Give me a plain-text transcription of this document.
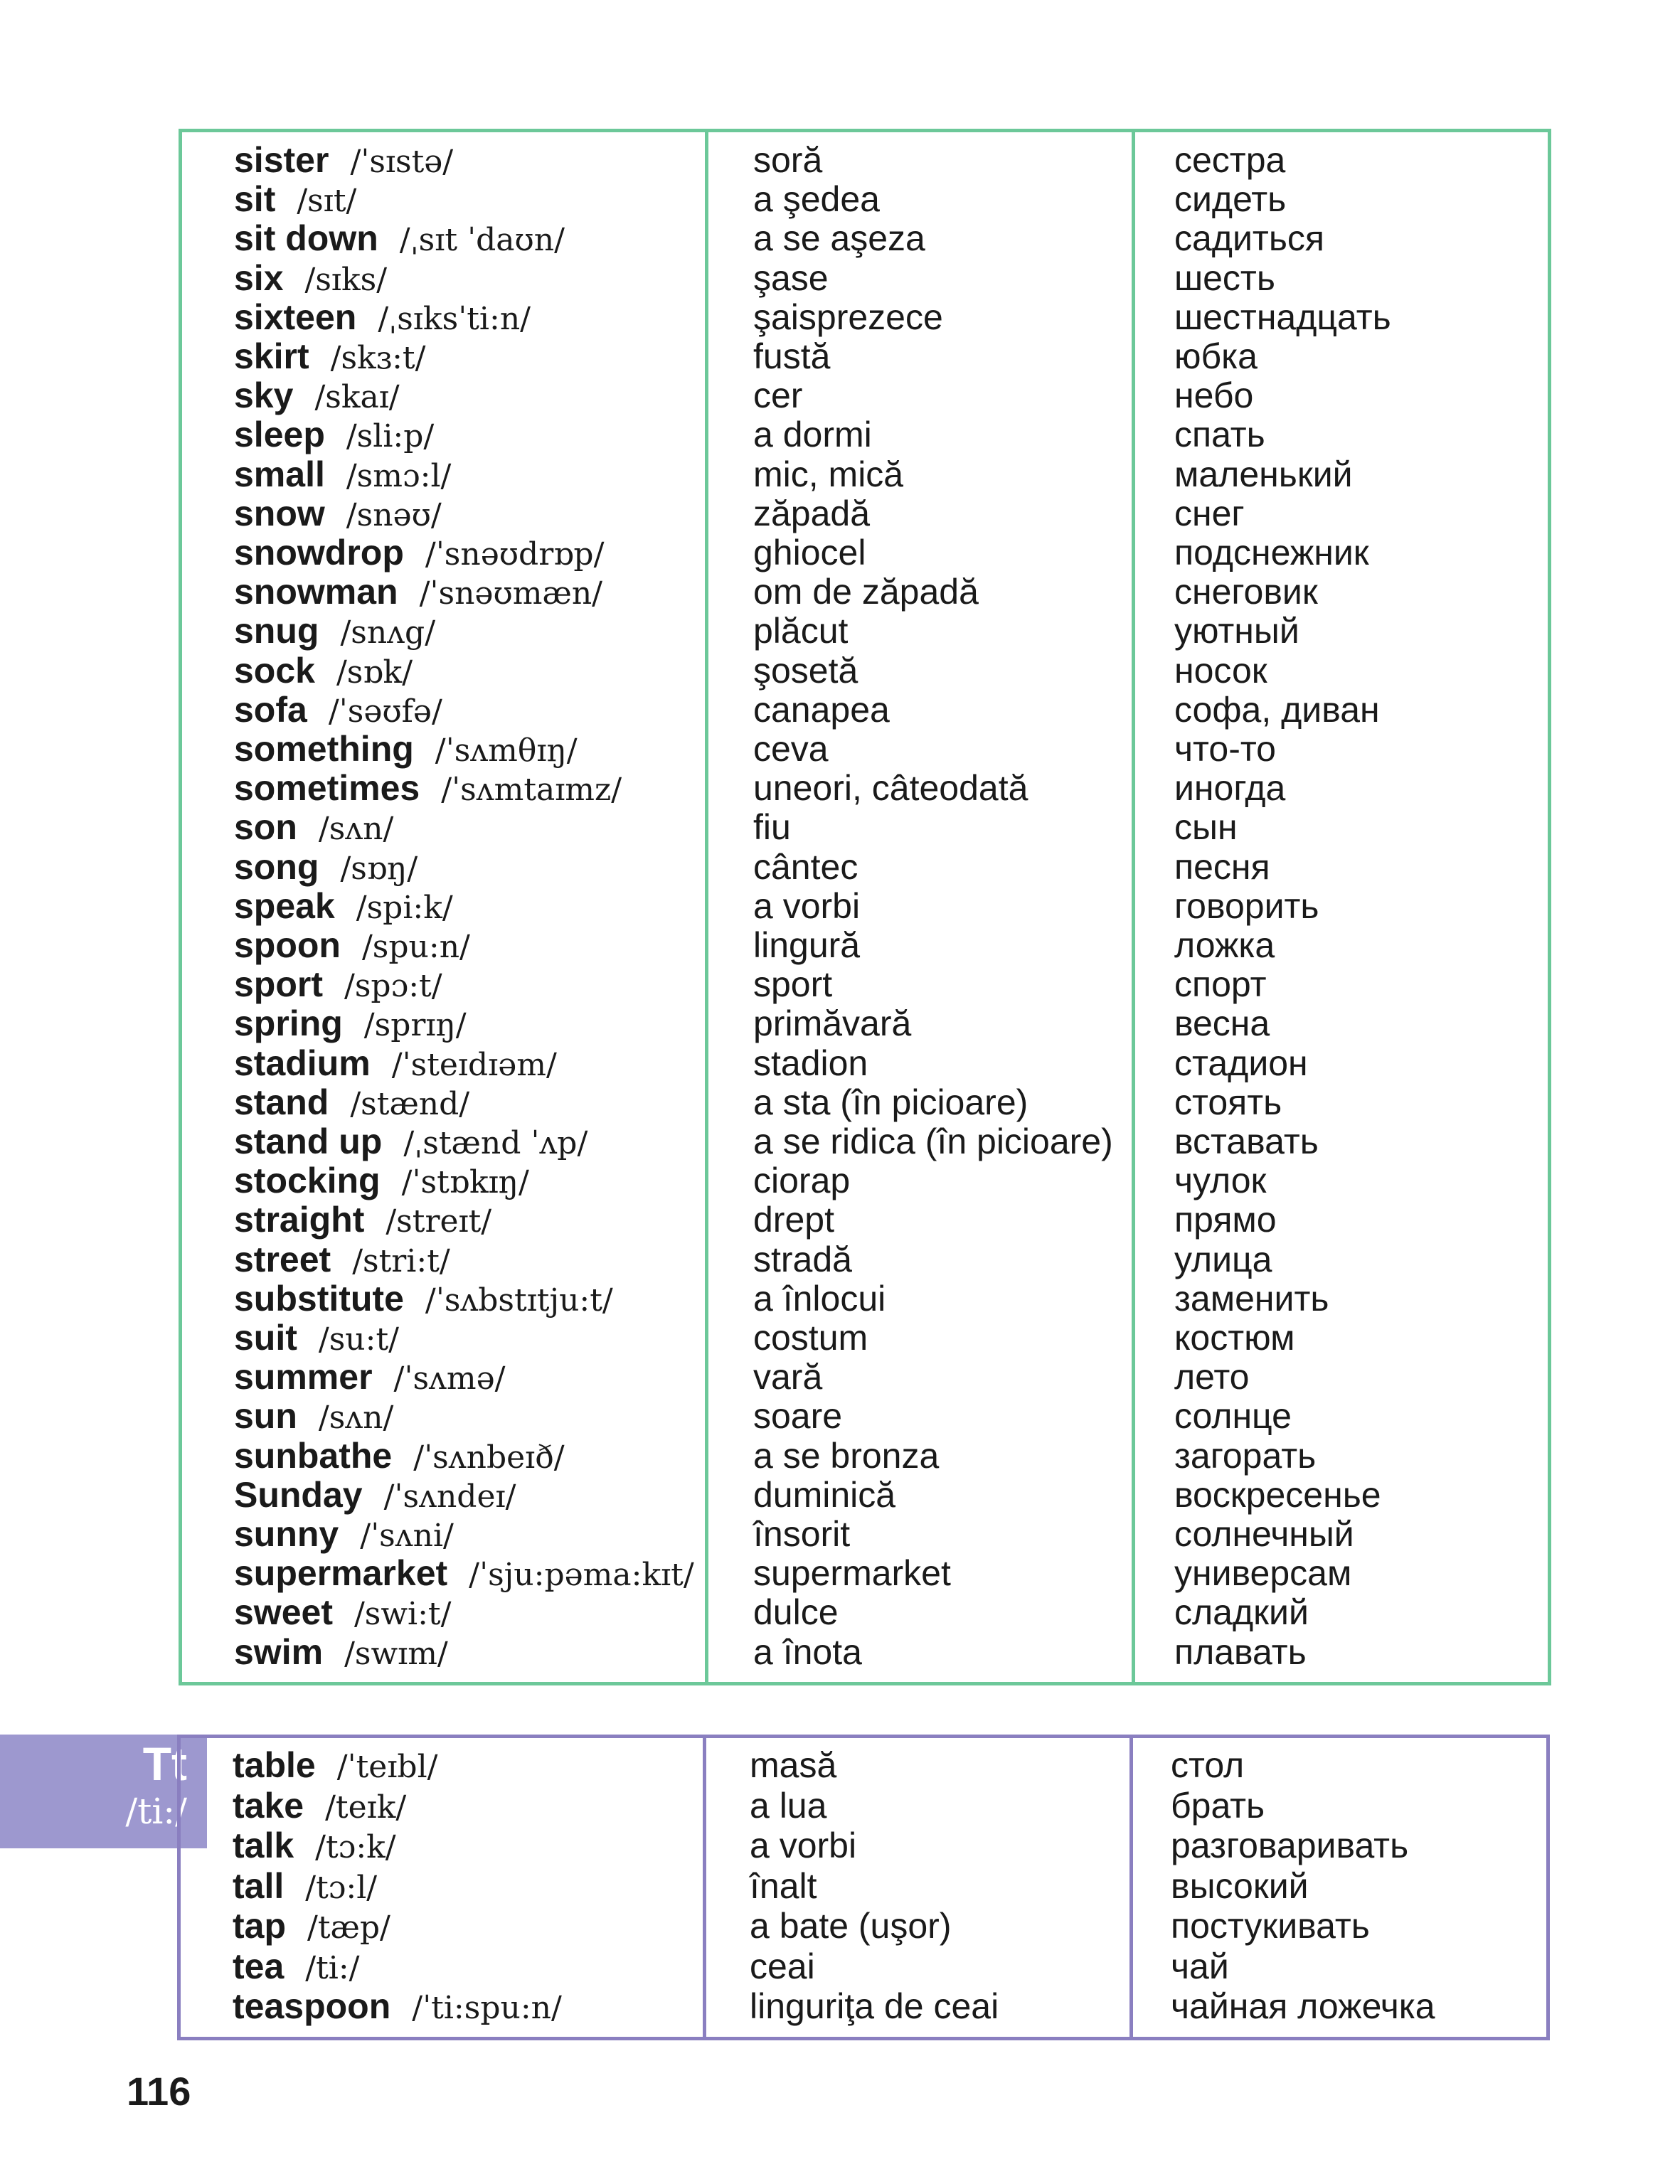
sister /ˈsɪstə/
sit /sɪt/
sit down /ˌsɪt ˈdaʊn/
six /sɪks/
sixteen /ˌsɪksˈti:n/
skirt /skɜ:t/
sky /skaɪ/
sleep /sli:p/
small /smɔ:l/
snow /snəʊ/
snowdrop /ˈsnəʊdrɒp/
snowman /ˈsnəʊmæn/
snug /snʌg/
sock /sɒk/
sofa /ˈsəʊfə/
something /ˈsʌmθɪŋ/
sometimes /ˈsʌmtaɪmz/
son /sʌn/
song /sɒŋ/
speak /spi:k/
spoon /spu:n/
sport /spɔ:t/
spring /sprɪŋ/
stadium /ˈsteɪdɪəm/
stand /stænd/
stand up /ˌstænd ˈʌp/
stocking /ˈstɒkɪŋ/
straight /streɪt/
street /stri:t/
substitute /ˈsʌbstɪtju:t/
suit /su:t/
summer /ˈsʌmə/
sun /sʌn/
sunbathe /ˈsʌnbeɪð/
Sunday /ˈsʌndeɪ/
sunny /ˈsʌni/
supermarket /ˈsju:pəma:kɪt/
sweet /swi:t/
swim /swɪm/
soră
a şedea
a se aşeza
şase
şaisprezece
fustă
cer
a dormi
mic, mică
zăpadă
ghiocel
om de zăpadă
plăcut
şosetă
canapea
ceva
uneori, câteodată
fiu
cântec
a vorbi
lingură
sport
primăvară
stadion
a sta (în picioare)
a se ridica (în picioare)
ciorap
drept
stradă
a înlocui
costum
vară
soare
a se bronza
duminică
însorit
supermarket
dulce
a înota
сестра
сидеть
садиться
шесть
шестнадцать
юбка
небо
спать
маленький
снег
подснежник
снеговик
уютный
носок
софа, диван
что-то
иногда
сын
песня
говорить
ложка
спорт
весна
стадион
стоять
вставать
чулок
прямо
улица
заменить
костюм
лето
солнце
загорать
воскресенье
солнечный
универсам
сладкий
плавать
Tt
/ti:/
table /ˈteɪbl/
take /teɪk/
talk /tɔ:k/
tall /tɔ:l/
tap /tæp/
tea /ti:/
teaspoon /ˈti:spu:n/
masă
a lua
a vorbi
înalt
a bate (uşor)
ceai
linguriţa de ceai
стол
брать
разговаривать
высокий
постукивать
чай
чайная ложечка
116
